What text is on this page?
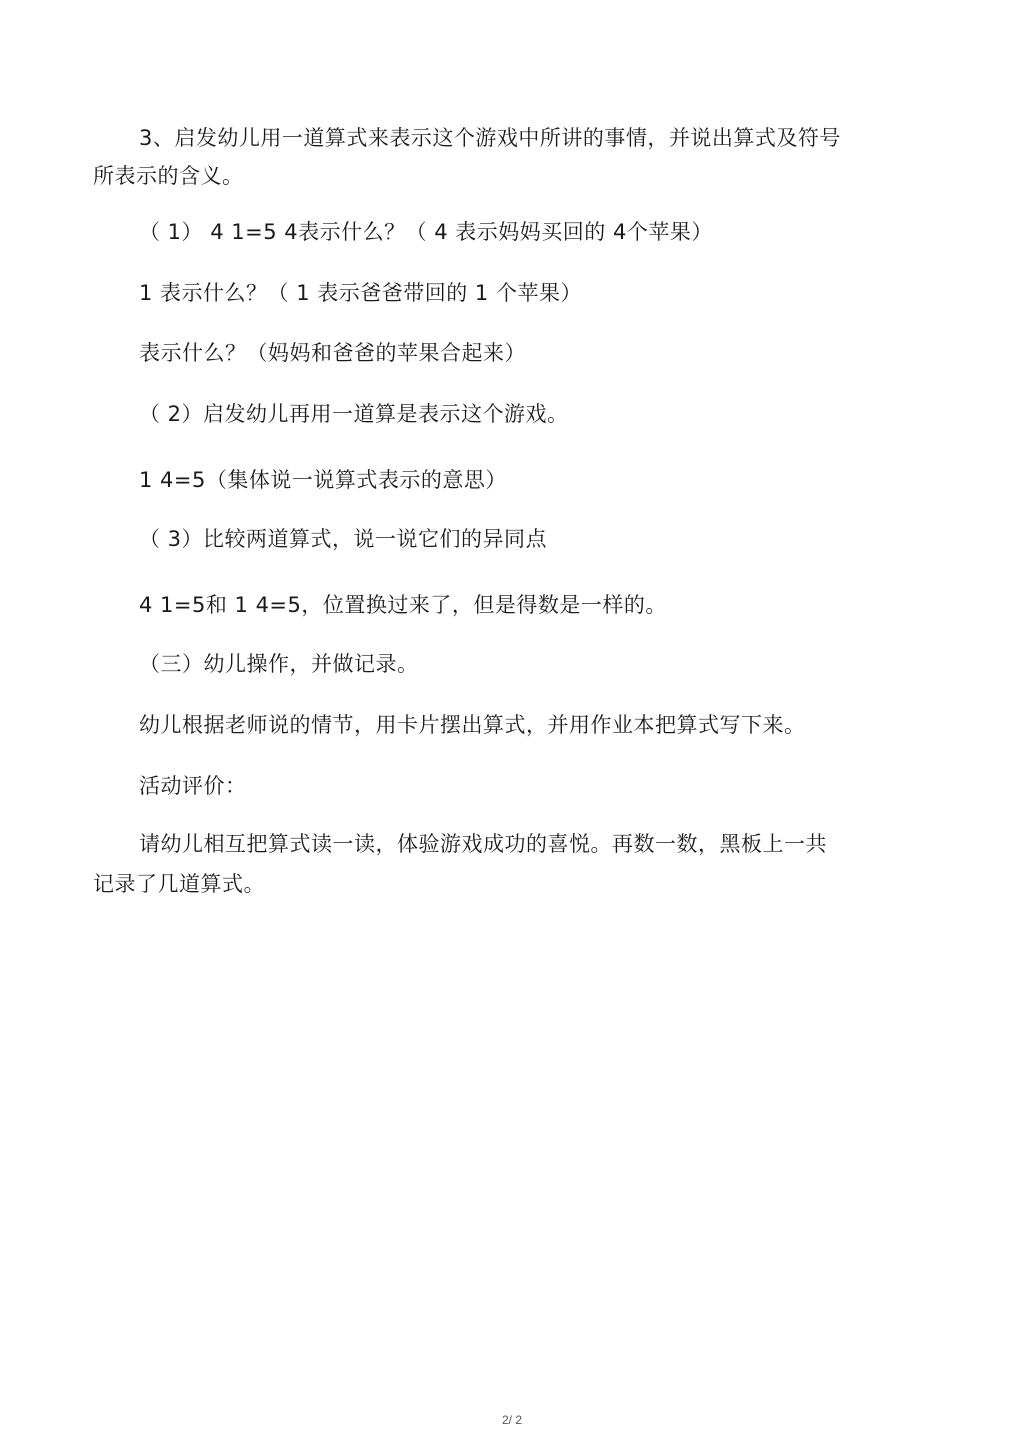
3、启发幼儿用一道算式来表示这个游戏中所讲的事情，并说出算式及符号
所表示的含义。
（ 1） 4 1=5 4表示什么？（ 4 表示妈妈买回的 4个苹果）
1 表示什么？（ 1 表示爸爸带回的 1 个苹果）
表示什么？（妈妈和爸爸的苹果合起来）
（ 2）启发幼儿再用一道算是表示这个游戏。
1 4=5（集体说一说算式表示的意思）
（ 3）比较两道算式，说一说它们的异同点
4 1=5和 1 4=5，位置换过来了，但是得数是一样的。
（三）幼儿操作，并做记录。
幼儿根据老师说的情节，用卡片摆出算式，并用作业本把算式写下来。
活动评价：
请幼儿相互把算式读一读，体验游戏成功的喜悦。再数一数，黑板上一共
记录了几道算式。
2/ 2
